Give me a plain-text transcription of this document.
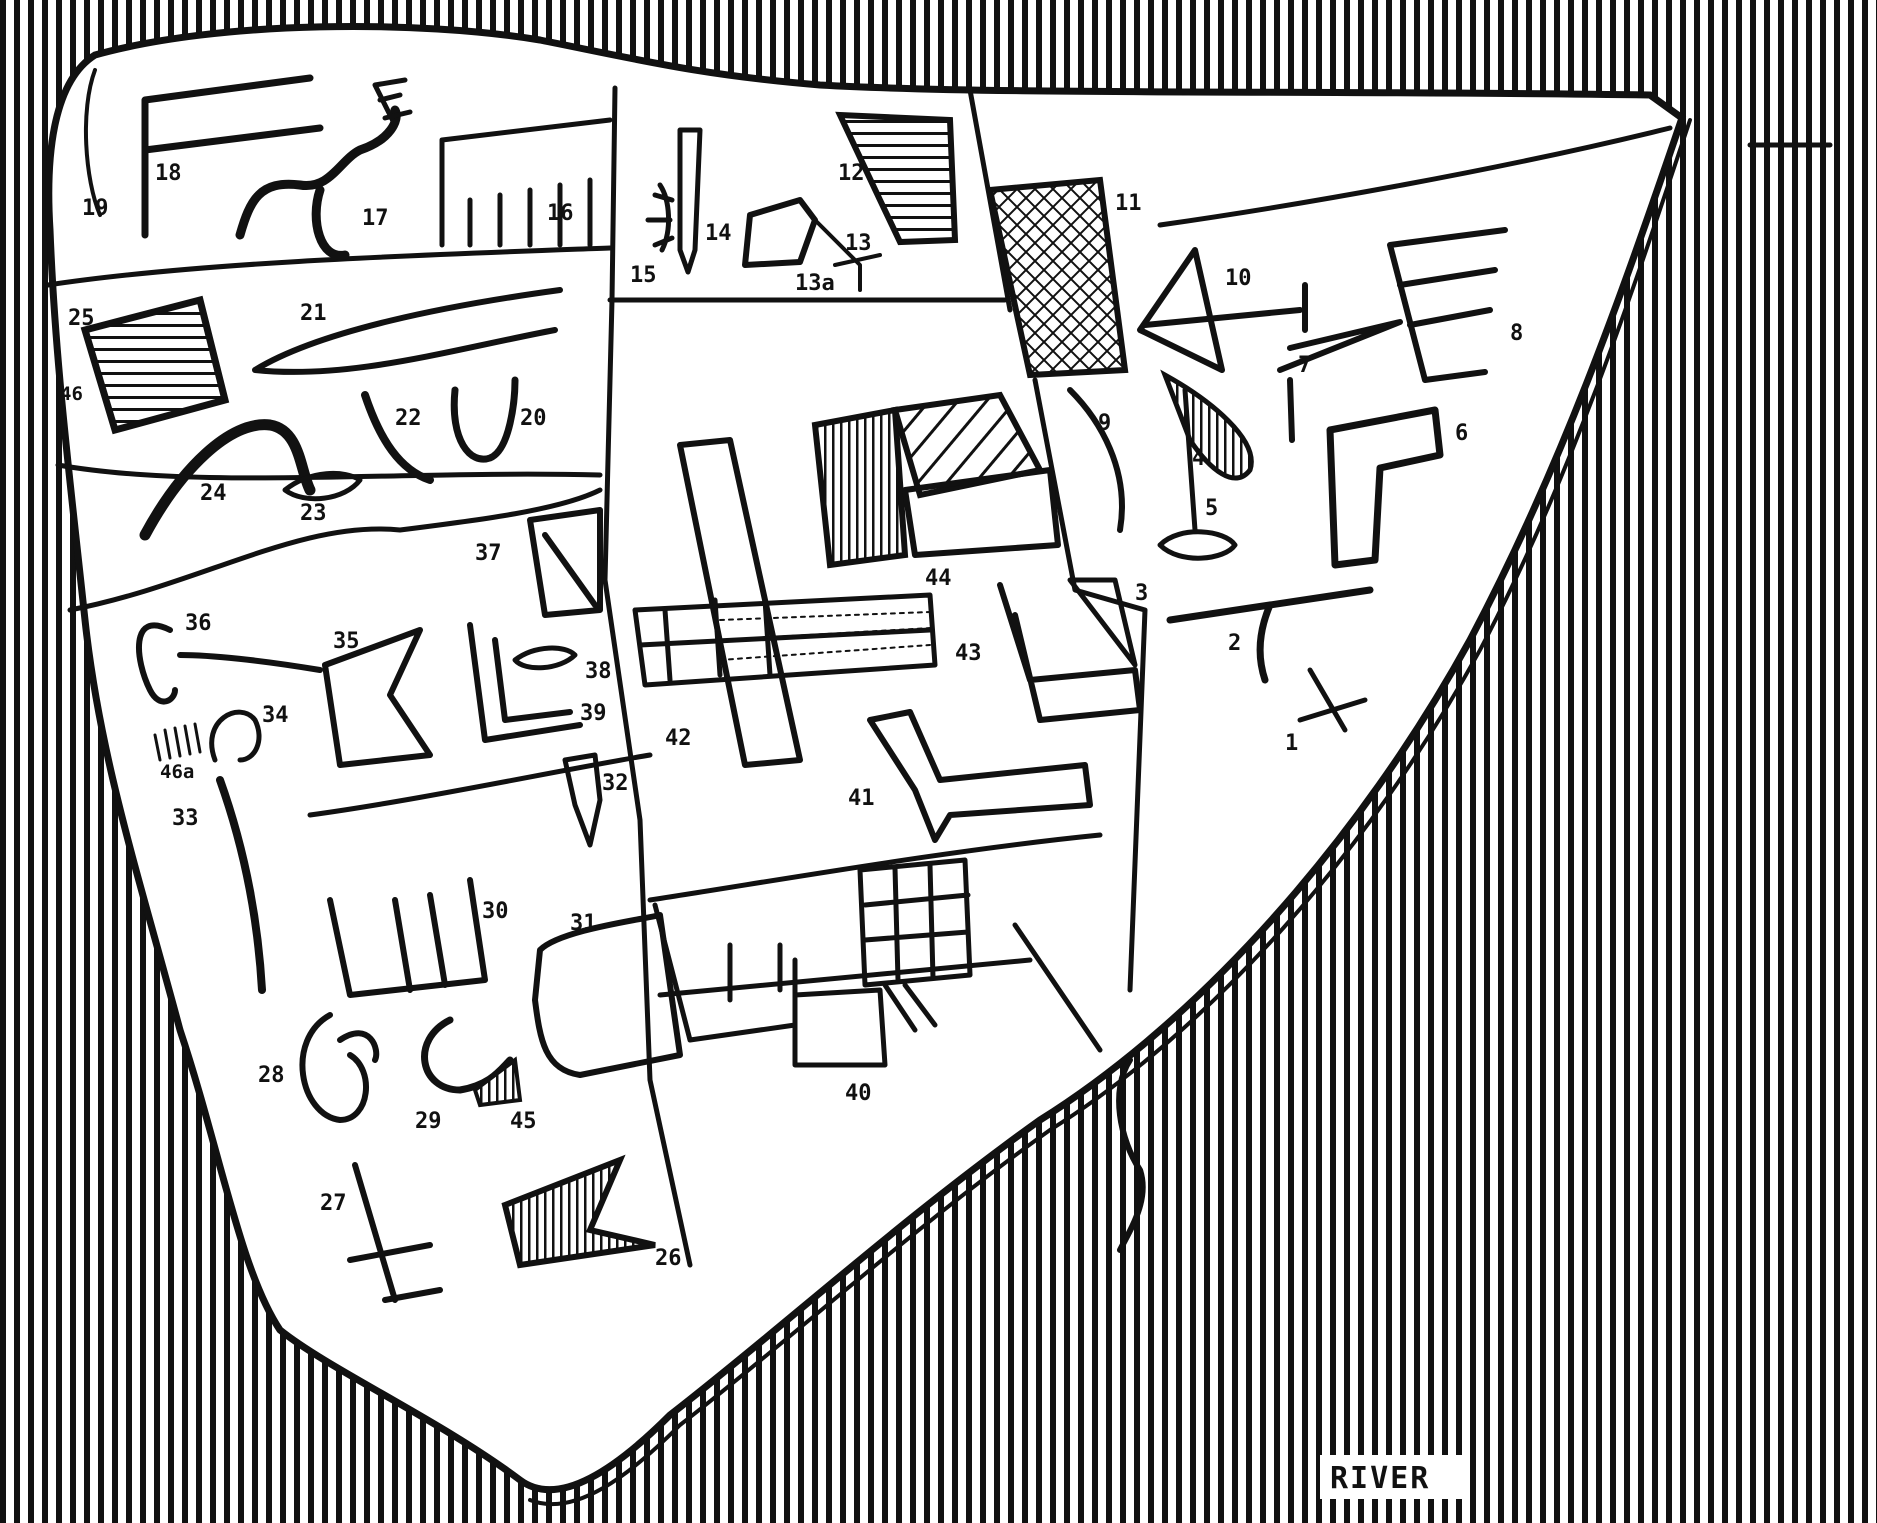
18
19	17	16
15
14	13
13a
12
11
10
8
7
6
4
5
9
3
2
1
25	21
22	20
24
23
37
36
35
38
39
34
46a
33
32
42
43
44
41
31
30
40
28
29	45
27
26
RIVER
46
